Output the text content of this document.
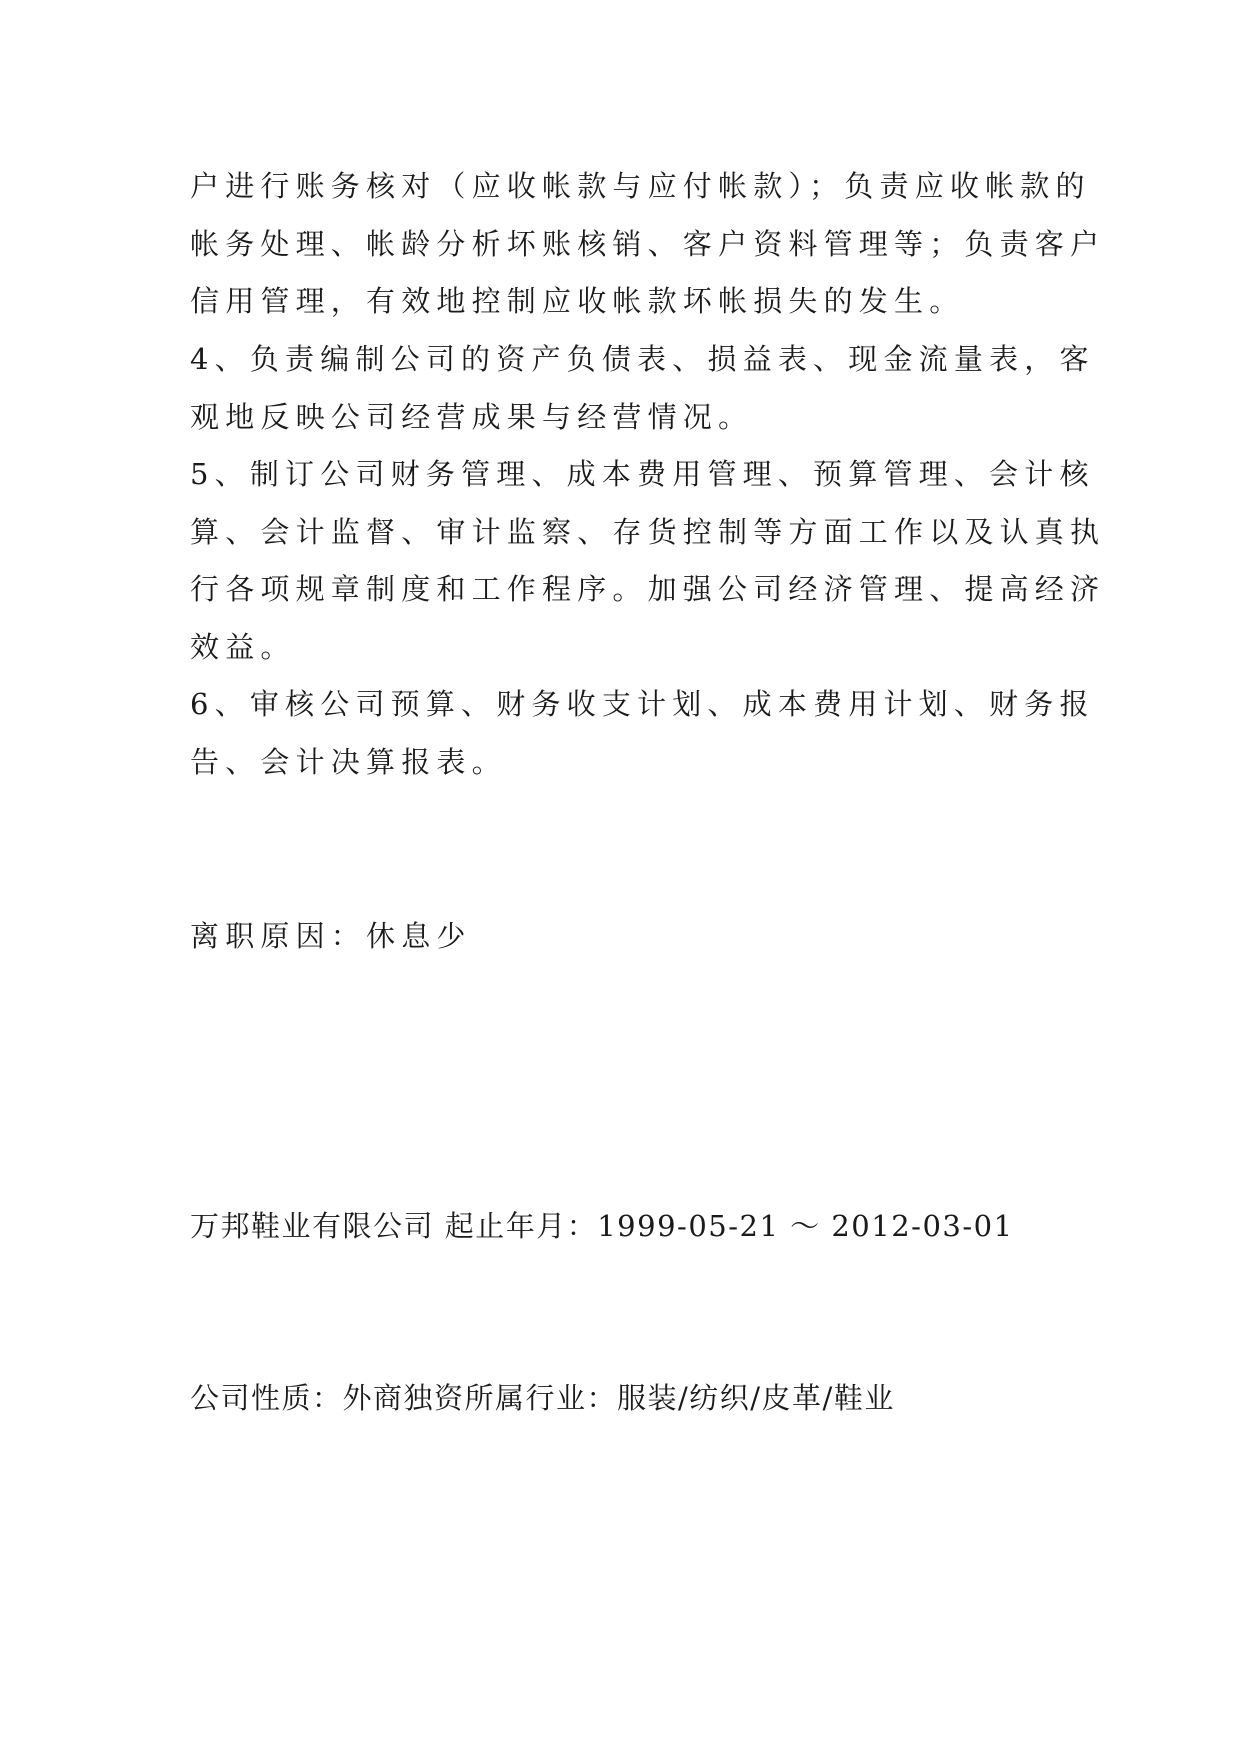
户进行账务核对（应收帐款与应付帐款）；负责应收帐款的
帐务处理、帐龄分析坏账核销、客户资料管理等；负责客户
信用管理，有效地控制应收帐款坏帐损失的发生。
4、负责编制公司的资产负债表、损益表、现金流量表，客
观地反映公司经营成果与经营情况。
5、制订公司财务管理、成本费用管理、预算管理、会计核
算、会计监督、审计监察、存货控制等方面工作以及认真执
行各项规章制度和工作程序。加强公司经济管理、提高经济
效益。
6、审核公司预算、财务收支计划、成本费用计划、财务报
告、会计决算报表。
离职原因：休息少
万邦鞋业有限公司 起止年月：1999-05-21 ～ 2012-03-01
公司性质：外商独资所属行业：服装/纺织/皮革/鞋业
